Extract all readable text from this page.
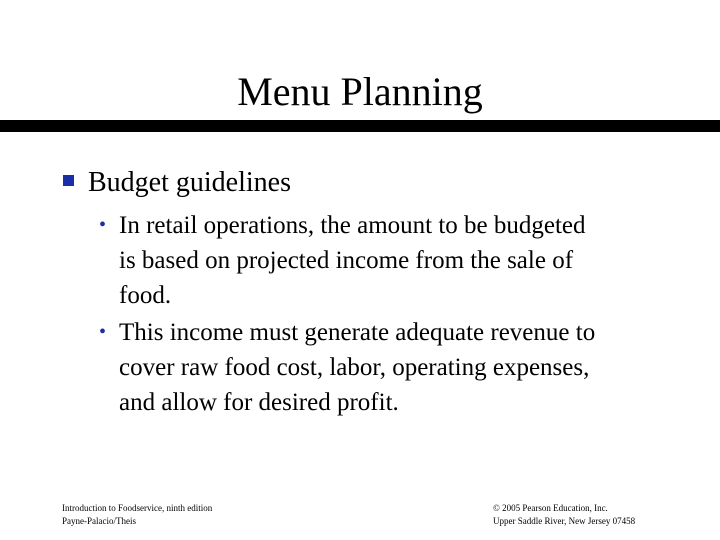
Menu Planning
Budget guidelines
• In retail operations, the amount to be budgeted
is based on projected income from the sale of
food.
• This income must generate adequate revenue to
cover raw food cost, labor, operating expenses,
and allow for desired profit.
Introduction to Foodservice, ninth edition
Payne-Palacio/Theis
© 2005 Pearson Education, Inc.
Upper Saddle River, New Jersey 07458
